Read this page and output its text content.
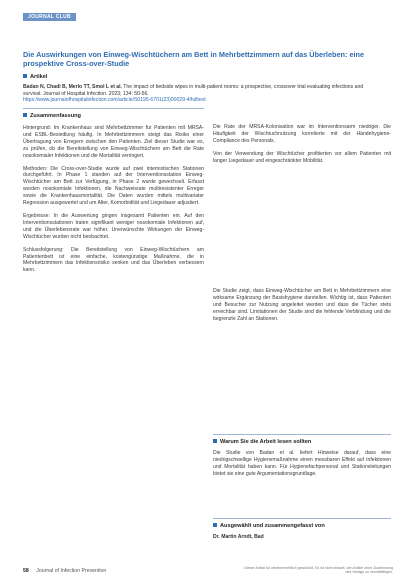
JOURNAL CLUB
Die Auswirkungen von Einweg-Wischtüchern am Bett in Mehrbettzimmern auf das Überleben: eine prospektive Cross-over-Studie
Artikel
Badan N, Chadi B, Merlo TT, Smol L et al. The impact of bedside wipes in multi-patient rooms: a prospective, crossover trial evaluating infections and survival. Journal of Hospital Infection. 2023; 134: 50-56.
https://www.journalofhospitalinfection.com/article/S0195-6701(23)00029-4/fulltext
Zusammenfassung

Hintergrund: Im Krankenhaus sind Mehrbettzimmer für Patienten mit MRSA- und ESBL-Besiedlung häufig. In Mehrbettzimmern steigt das Risiko einer Übertragung von Erregern zwischen den Patienten. Ziel dieser Studie war es, zu prüfen, ob die Bereitstellung von Einweg-Wischtüchern am Bett die Rate nosokomialer Infektionen und die Mortalität verringert.

Methoden: Die Cross-over-Studie wurde auf zwei internistischen Stationen durchgeführt. In Phase 1 standen auf der Interventionsstation Einweg-Wischtücher am Bett zur Verfügung, in Phase 2 wurde gewechselt. Erfasst wurden nosokomiale Infektionen, die Nachweisrate multiresistenter Erreger sowie die Krankenhausmortalität. Die Daten wurden mittels multivariater Regression ausgewertet und um Alter, Komorbidität und Liegedauer adjustiert.

Ergebnisse: In die Auswertung gingen insgesamt Patienten ein. Auf den Interventionsstationen traten signifikant weniger nosokomiale Infektionen auf, und die Überlebensrate war höher. Unerwünschte Wirkungen der Einweg-Wischtücher wurden nicht beobachtet.

Schlussfolgerung: Die Bereitstellung von Einweg-Wischtüchern am Patientenbett ist eine einfache, kostengünstige Maßnahme, die in Mehrbettzimmern das Infektionsrisiko senken und das Überleben verbessern kann.

Die Rate der MRSA-Kolonisation war im Interventionsarm niedriger. Die Häufigkeit der Wischtuchnutzung korrelierte mit der Händehygiene-Compliance des Personals.

Von der Verwendung der Wischtücher profitierten vor allem Patienten mit langer Liegedauer und eingeschränkter Mobilität.

Die Studie zeigt, dass Einweg-Wischtücher am Bett in Mehrbettzimmern eine wirksame Ergänzung der Basishygiene darstellen. Wichtig ist, dass Patienten und Besucher zur Nutzung angeleitet werden und dass die Tücher stets erreichbar sind. Limitationen der Studie sind die fehlende Verblindung und die begrenzte Zahl an Stationen.

Warum Sie die Arbeit lesen sollten

Die Studie von Badan et al. liefert Hinweise darauf, dass eine niedrigschwellige Hygienemaßnahme einen messbaren Effekt auf Infektionen und Mortalität haben kann. Für Hygienefachpersonal und Stationsleitungen bietet sie eine gute Argumentationsgrundlage.

Ausgewählt und zusammengefasst von
Dr. Martin Arndt, Bad
58 Journal of Infection Prevention	Dieser Artikel ist urheberrechtlich geschützt. Es ist nicht erlaubt, den Artikel ohne Zustimmung des Verlags zu vervielfältigen.
